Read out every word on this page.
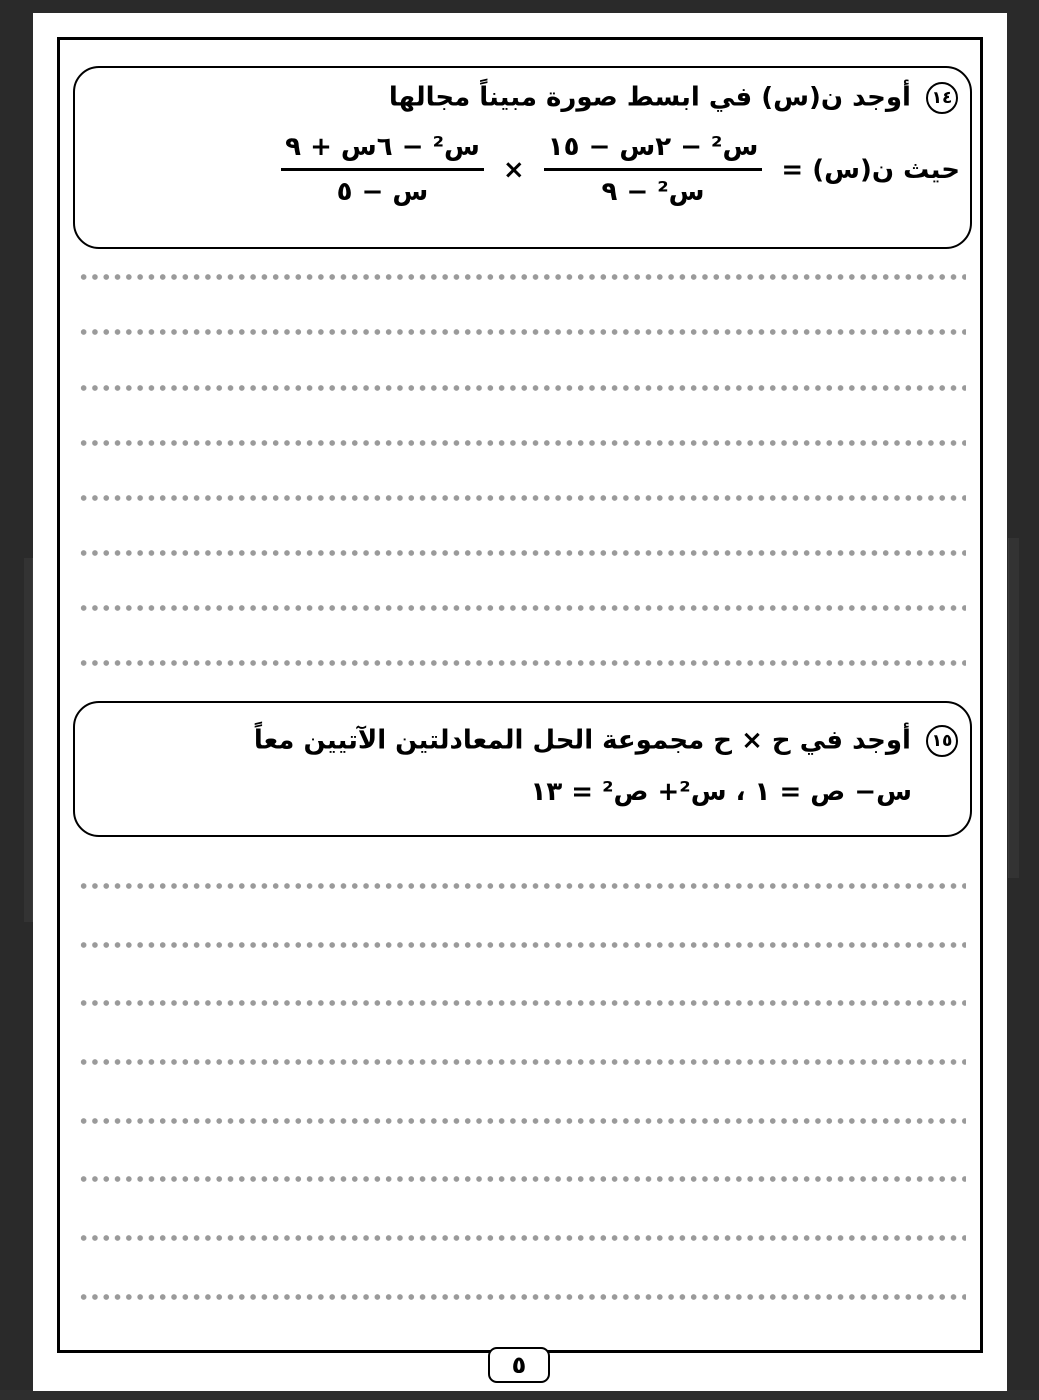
١٤ أوجد ن(س) في ابسط صورة مبيناً مجالها
حيث ن(س) =
$\frac{\text{س² − ٢س − ١٥}}{\text{س² − ٩}}$
×
$\frac{\text{س² − ٦س + ٩}}{\text{س − ٥}}$
١٥ أوجد في ح × ح مجموعة الحل المعادلتين الآتيين معاً
س− ص = ١ ، س²+ ص² = ١٣
٥
